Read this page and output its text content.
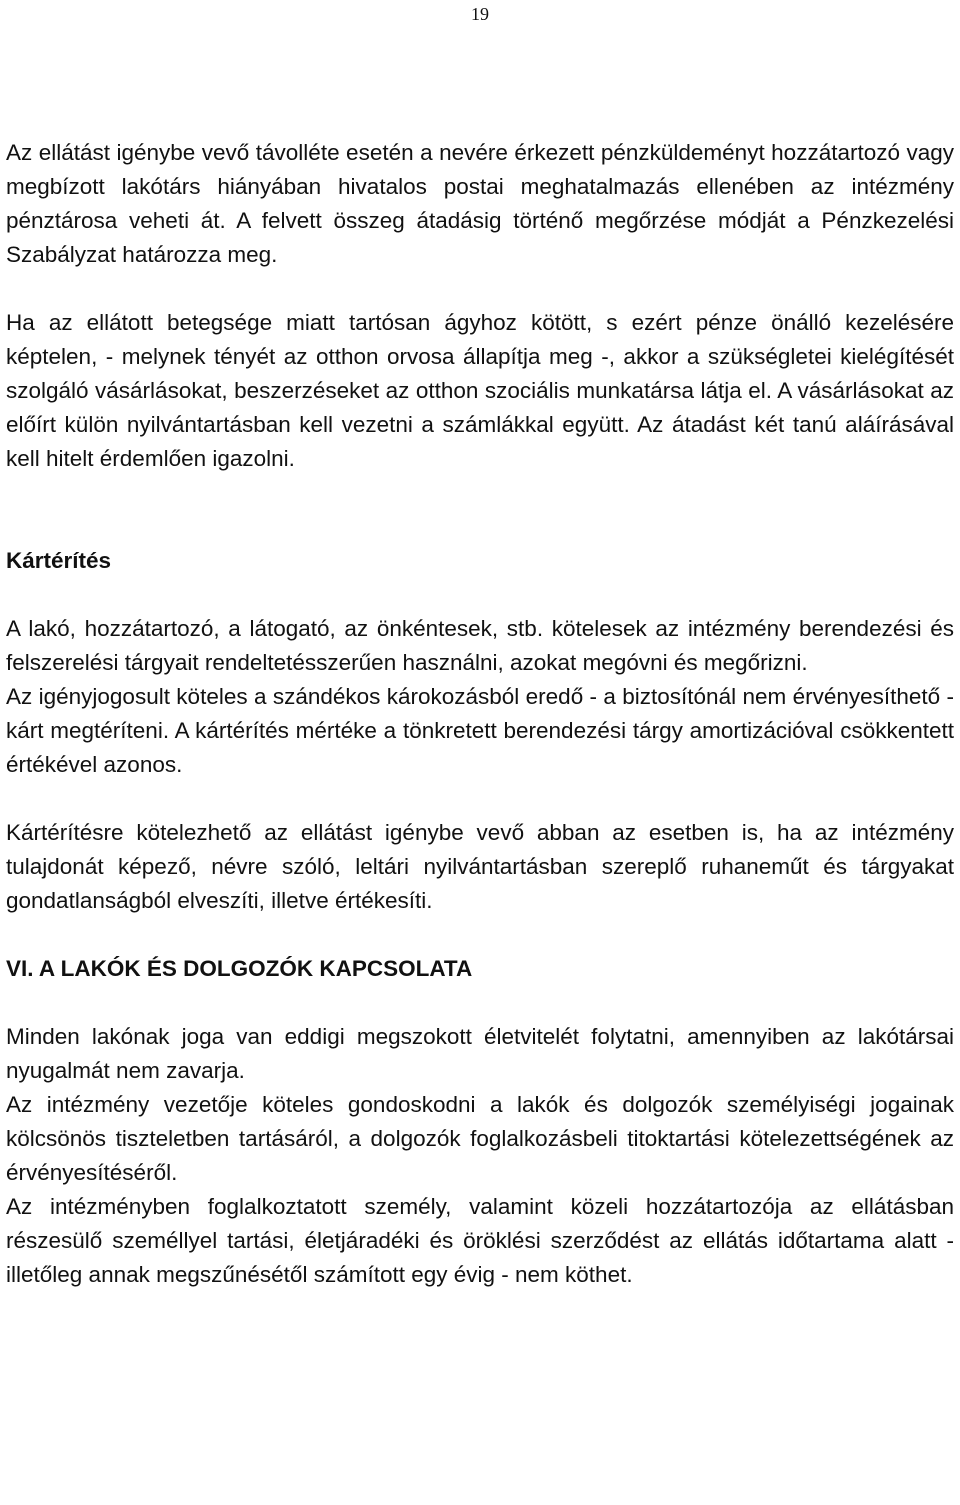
19

Az ellátást igénybe vevő távolléte esetén a nevére érkezett pénzküldeményt hozzátartozó vagy megbízott lakótárs hiányában hivatalos postai meghatalmazás ellenében az intézmény pénztárosa veheti át. A felvett összeg átadásig történő megőrzése módját a Pénzkezelési Szabályzat határozza meg.

Ha az ellátott betegsége miatt tartósan ágyhoz kötött, s ezért pénze önálló kezelésére képtelen, - melynek tényét az otthon orvosa állapítja meg -, akkor a szükségletei kielégítését szolgáló vásárlásokat, beszerzéseket az otthon szociális munkatársa látja el. A vásárlásokat az előírt külön nyilvántartásban kell vezetni a számlákkal együtt. Az átadást két tanú aláírásával kell hitelt érdemlően igazolni.

Kártérítés

A lakó, hozzátartozó, a látogató, az önkéntesek, stb. kötelesek az intézmény berendezési és felszerelési tárgyait rendeltetésszerűen használni, azokat megóvni és megőrizni.

Az igényjogosult köteles a szándékos károkozásból eredő - a biztosítónál nem érvényesíthető - kárt megtéríteni. A kártérítés mértéke a tönkretett berendezési tárgy amortizációval csökkentett értékével azonos.

Kártérítésre kötelezhető az ellátást igénybe vevő abban az esetben is, ha az intézmény tulajdonát képező, névre szóló, leltári nyilvántartásban szereplő ruhaneműt és tárgyakat gondatlanságból elveszíti, illetve értékesíti.

VI. A LAKÓK ÉS DOLGOZÓK KAPCSOLATA

Minden lakónak joga van eddigi megszokott életvitelét folytatni, amennyiben az lakótársai nyugalmát nem zavarja.

Az intézmény vezetője köteles gondoskodni a lakók és dolgozók személyiségi jogainak kölcsönös tiszteletben tartásáról, a dolgozók foglalkozásbeli titoktartási kötelezettségének az érvényesítéséről.

Az intézményben foglalkoztatott személy, valamint közeli hozzátartozója az ellátásban részesülő személlyel tartási, életjáradéki és öröklési szerződést az ellátás időtartama alatt - illetőleg annak megszűnésétől számított egy évig - nem köthet.
